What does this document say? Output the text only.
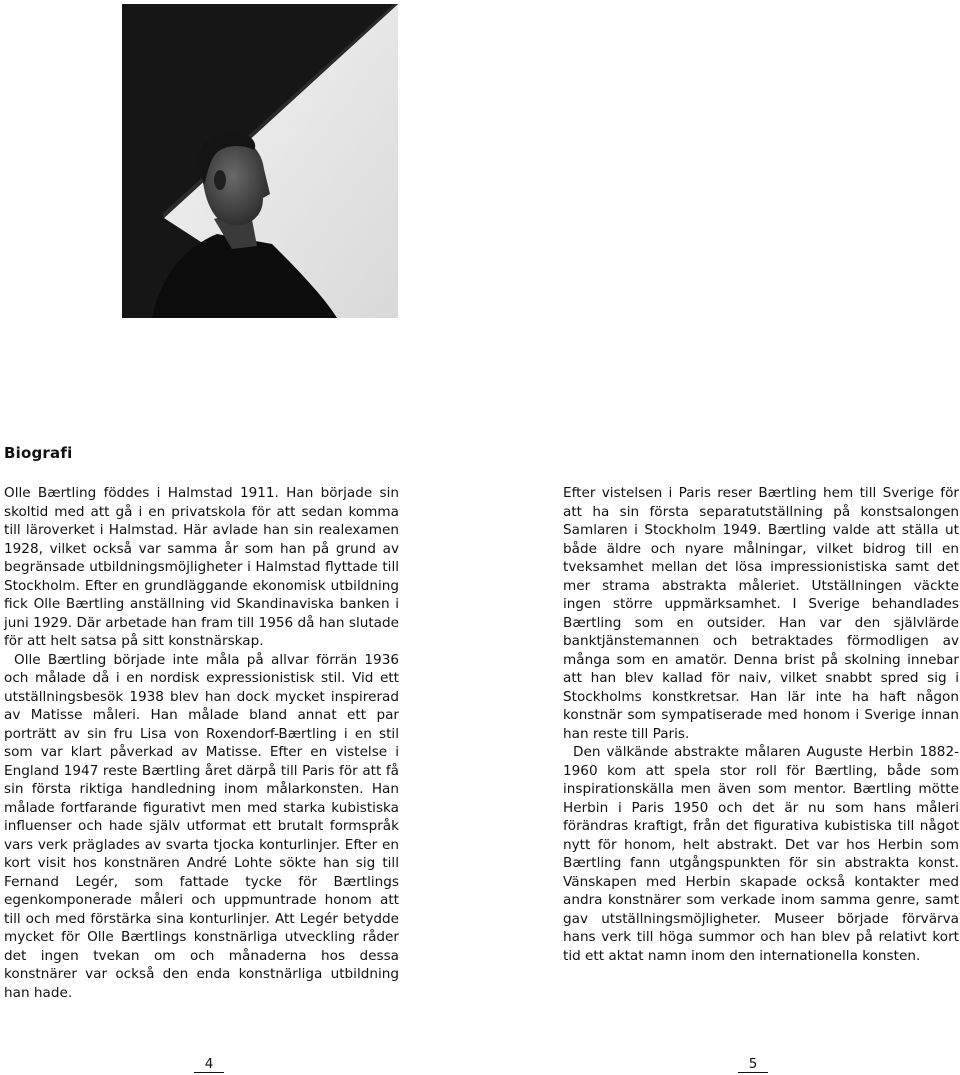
Biografi

Olle Bærtling föddes i Halmstad 1911. Han började sin skoltid med att gå i en privatskola för att sedan komma till läroverket i Halmstad. Här avlade han sin realexamen 1928, vilket också var samma år som han på grund av begränsade utbildningsmöjligheter i Halmstad flyttade till Stockholm. Efter en grundläggande ekonomisk utbildning fick Olle Bærtling anställning vid Skandinaviska banken i juni 1929. Där arbetade han fram till 1956 då han slutade för att helt satsa på sitt konstnärskap.

Olle Bærtling började inte måla på allvar förrän 1936 och målade då i en nordisk expressionistisk stil. Vid ett utställningsbesök 1938 blev han dock mycket inspirerad av Matisse måleri. Han målade bland annat ett par porträtt av sin fru Lisa von Roxendorf-Bærtling i en stil som var klart påverkad av Matisse. Efter en vistelse i England 1947 reste Bærtling året därpå till Paris för att få sin första riktiga handledning inom målarkonsten. Han målade fortfarande figurativt men med starka kubistiska influenser och hade själv utformat ett brutalt formspråk vars verk präglades av svarta tjocka konturlinjer. Efter en kort visit hos konstnären André Lohte sökte han sig till Fernand Legér, som fattade tycke för Bærtlings egenkomponerade måleri och uppmuntrade honom att till och med förstärka sina konturlinjer. Att Legér betydde mycket för Olle Bærtlings konstnärliga utveckling råder det ingen tvekan om och månaderna hos dessa konstnärer var också den enda konstnärliga utbildning han hade.

Efter vistelsen i Paris reser Bærtling hem till Sverige för att ha sin första separatutställning på konstsalongen Samlaren i Stockholm 1949. Bærtling valde att ställa ut både äldre och nyare målningar, vilket bidrog till en tveksamhet mellan det lösa impressionistiska samt det mer strama abstrakta måleriet. Utställningen väckte ingen större uppmärksamhet. I Sverige behandlades Bærtling som en outsider. Han var den självlärde banktjänstemannen och betraktades förmodligen av många som en amatör. Denna brist på skolning innebar att han blev kallad för naiv, vilket snabbt spred sig i Stockholms konstkretsar. Han lär inte ha haft någon konstnär som sympatiserade med honom i Sverige innan han reste till Paris.

Den välkände abstrakte målaren Auguste Herbin 1882-1960 kom att spela stor roll för Bærtling, både som inspirationskälla men även som mentor. Bærtling mötte Herbin i Paris 1950 och det är nu som hans måleri förändras kraftigt, från det figurativa kubistiska till något nytt för honom, helt abstrakt. Det var hos Herbin som Bærtling fann utgångspunkten för sin abstrakta konst. Vänskapen med Herbin skapade också kontakter med andra konstnärer som verkade inom samma genre, samt gav utställningsmöjligheter. Museer började förvärva hans verk till höga summor och han blev på relativt kort tid ett aktat namn inom den internationella konsten.

4	5
